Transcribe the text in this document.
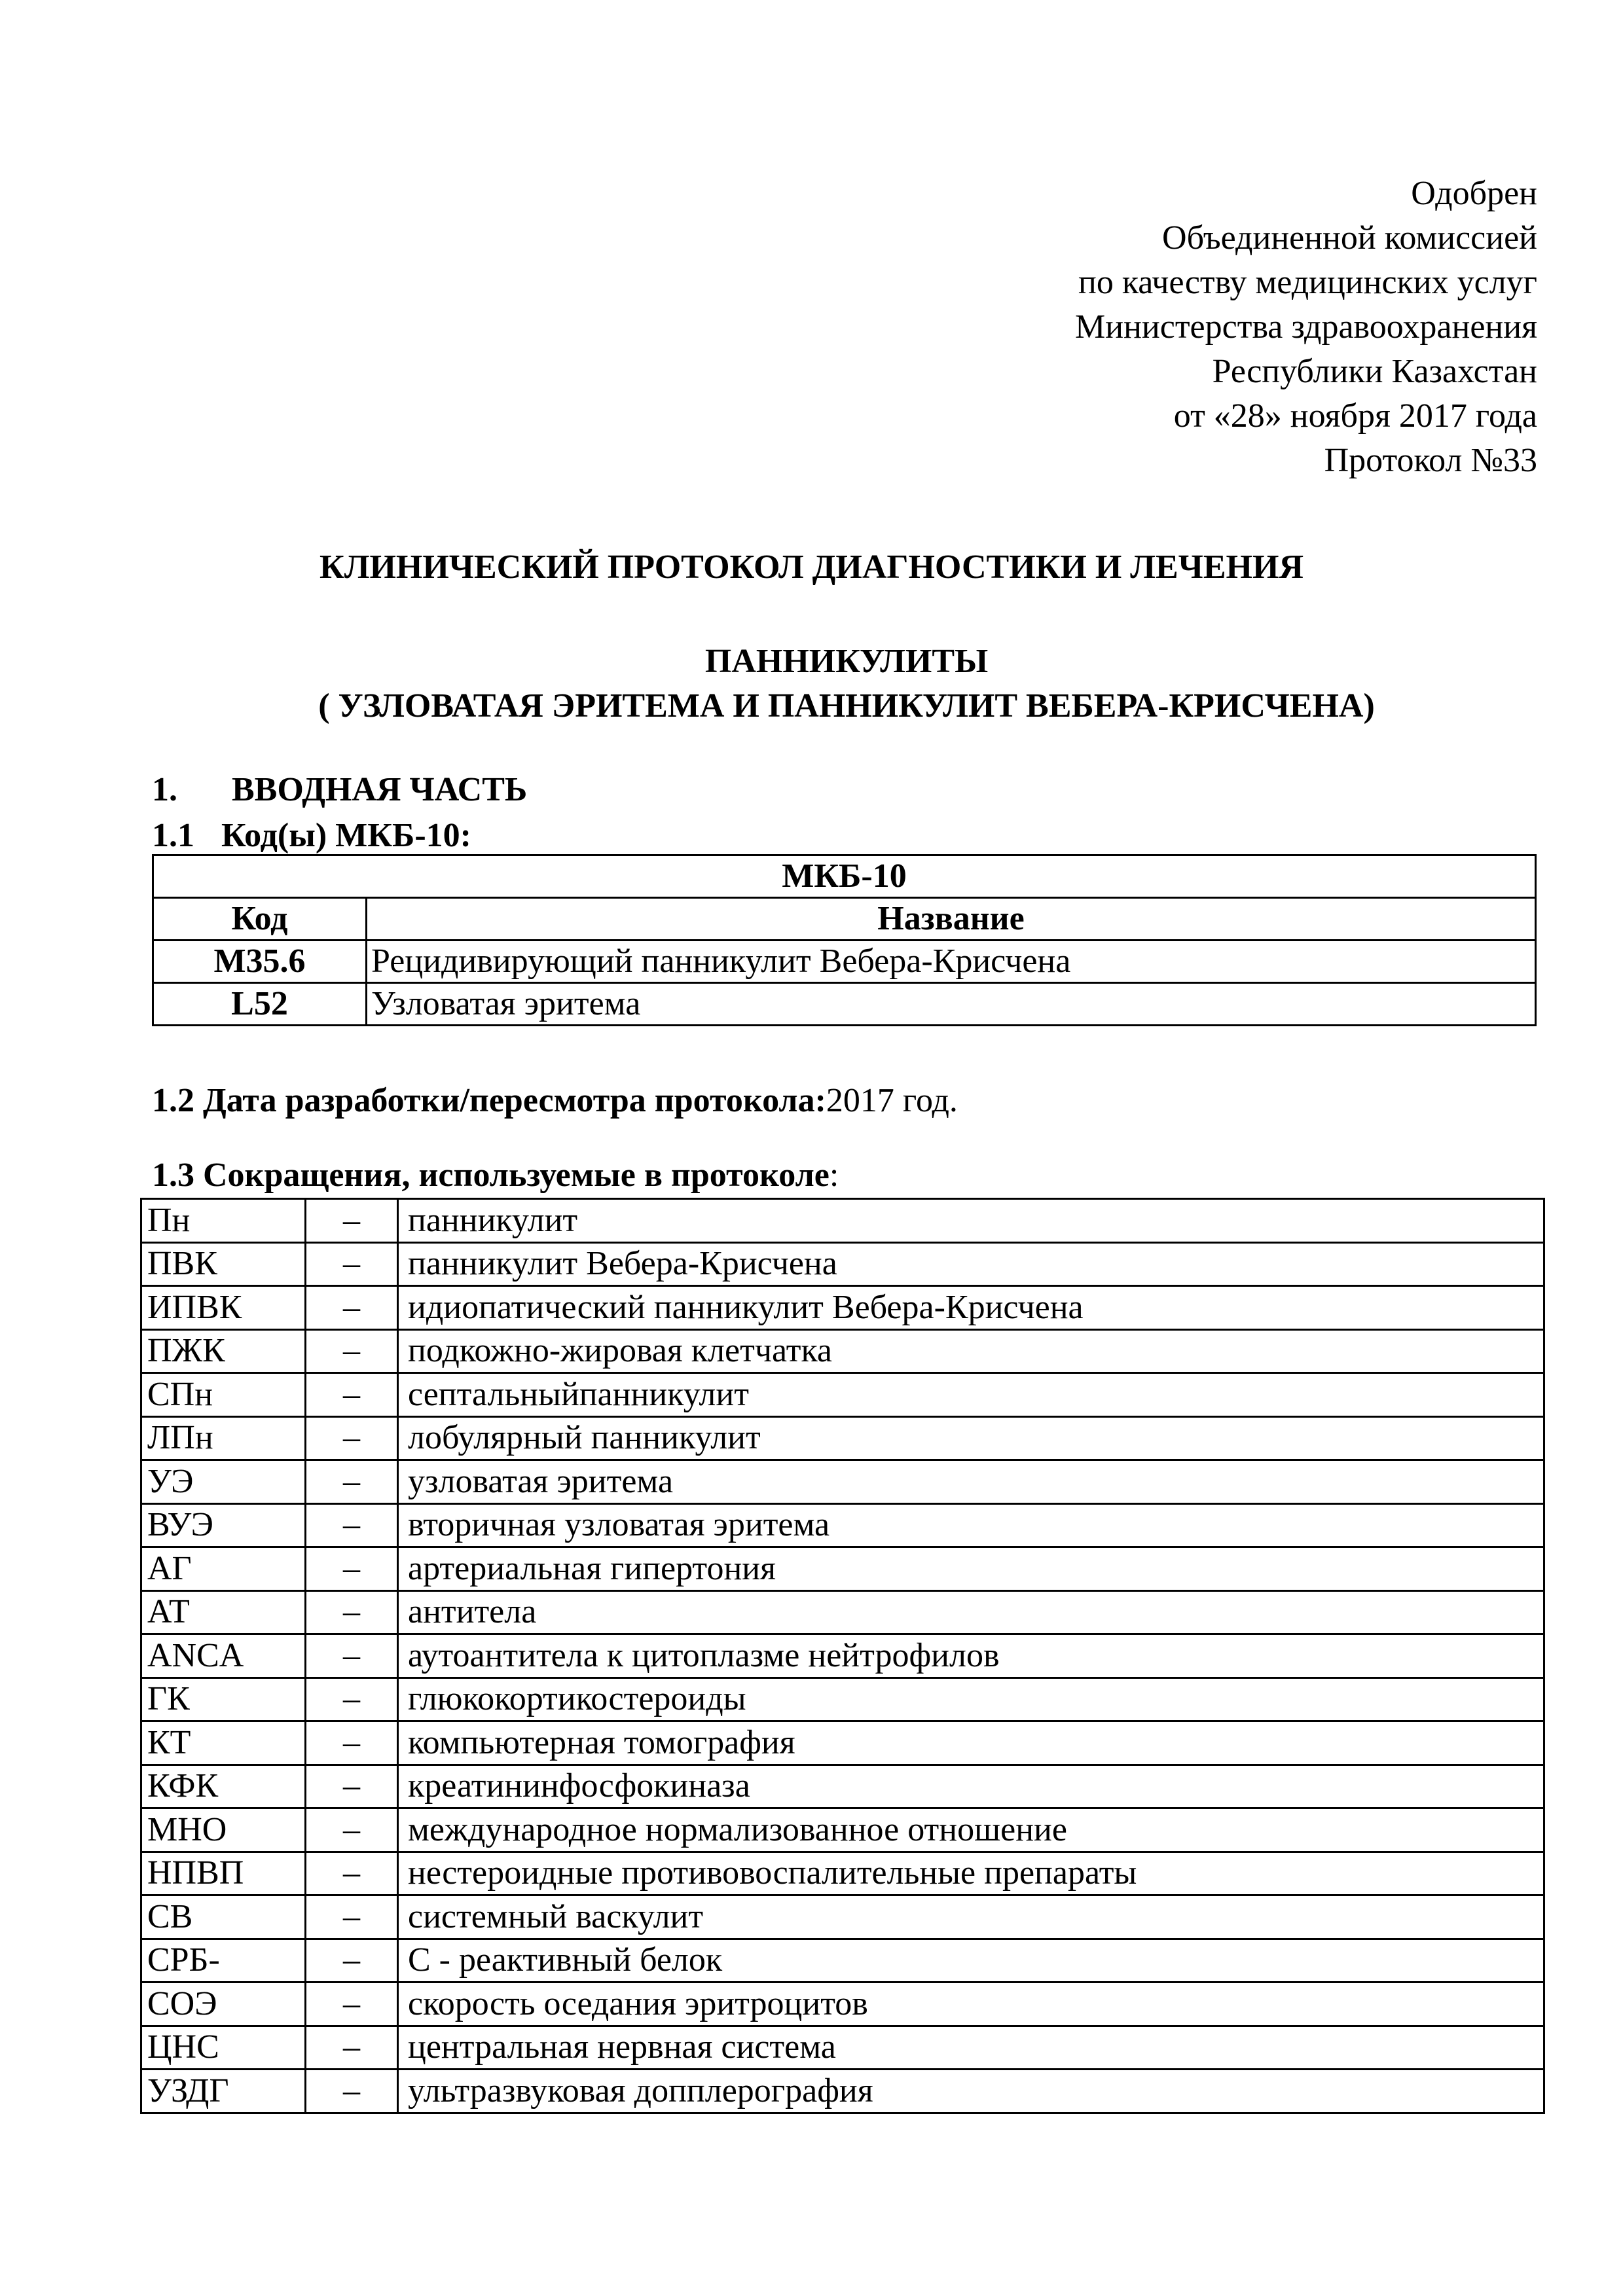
Одобрен
Объединенной комиссией
по качеству медицинских услуг
Министерства здравоохранения
Республики Казахстан
от «28» ноября 2017 года
Протокол №33
КЛИНИЧЕСКИЙ ПРОТОКОЛ ДИАГНОСТИКИ И ЛЕЧЕНИЯ
ПАННИКУЛИТЫ
( УЗЛОВАТАЯ ЭРИТЕМА И ПАННИКУЛИТ ВЕБЕРА-КРИСЧЕНА)
1. ВВОДНАЯ ЧАСТЬ
1.1 Код(ы) МКБ-10:
МКБ-10	
Код	Название
M35.6	Рецидивирующий панникулит Вебера-Крисчена
L52	Узловатая эритема
1.2 Дата разработки/пересмотра протокола:2017 год.
1.3 Сокращения, используемые в протоколе:
Пн	–	панникулит
ПВК	–	панникулит Вебера-Крисчена
ИПВК	–	идиопатический панникулит Вебера-Крисчена
ПЖК	–	подкожно-жировая клетчатка
СПн	–	септальныйпанникулит
ЛПн	–	лобулярный панникулит
УЭ	–	узловатая эритема
ВУЭ	–	вторичная узловатая эритема
АГ	–	артериальная гипертония
АТ	–	антитела
ANCA	–	аутоантитела к цитоплазме нейтрофилов
ГК	–	глюкокортикостероиды
КТ	–	компьютерная томография
КФК	–	креатининфосфокиназа
МНО	–	международное нормализованное отношение
НПВП	–	нестероидные противовоспалительные препараты
СВ	–	системный васкулит
СРБ-	–	С - реактивный белок
СОЭ	–	скорость оседания эритроцитов
ЦНС	–	центральная нервная система
УЗДГ	–	ультразвуковая допплерография
